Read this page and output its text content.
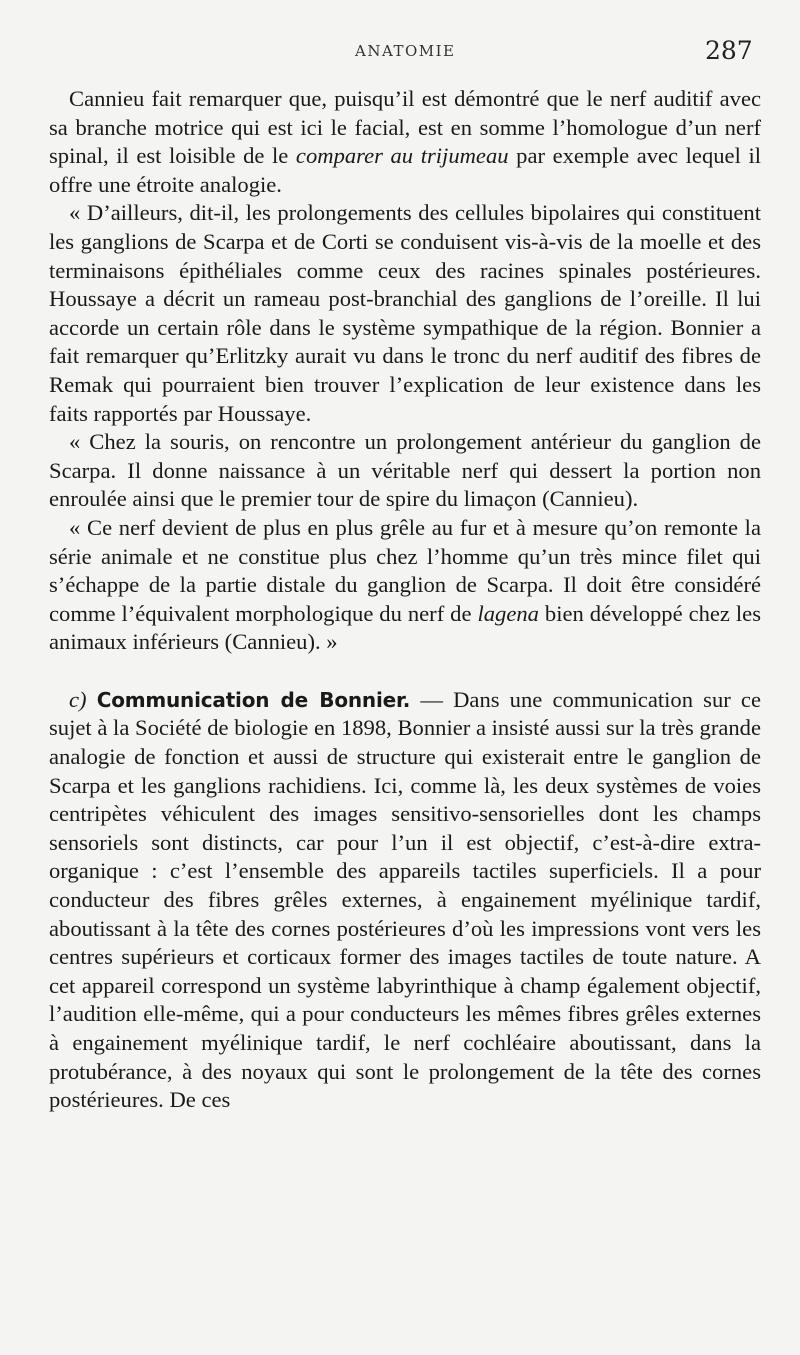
ANATOMIE	287

Cannieu fait remarquer que, puisqu’il est démontré que le nerf auditif avec sa branche motrice qui est ici le facial, est en somme l’homologue d’un nerf spinal, il est loisible de le comparer au trijumeau par exemple avec lequel il offre une étroite analogie.

« D’ailleurs, dit-il, les prolongements des cellules bipolaires qui constituent les ganglions de Scarpa et de Corti se conduisent vis-à-vis de la moelle et des terminaisons épithéliales comme ceux des racines spinales postérieures. Houssaye a décrit un rameau post-branchial des ganglions de l’oreille. Il lui accorde un certain rôle dans le système sympathique de la région. Bonnier a fait remarquer qu’Erlitzky aurait vu dans le tronc du nerf auditif des fibres de Remak qui pourraient bien trouver l’explication de leur existence dans les faits rapportés par Houssaye.

« Chez la souris, on rencontre un prolongement antérieur du ganglion de Scarpa. Il donne naissance à un véritable nerf qui dessert la portion non enroulée ainsi que le premier tour de spire du limaçon (Cannieu).

« Ce nerf devient de plus en plus grêle au fur et à mesure qu’on remonte la série animale et ne constitue plus chez l’homme qu’un très mince filet qui s’échappe de la partie distale du ganglion de Scarpa. Il doit être considéré comme l’équivalent morphologique du nerf de lagena bien développé chez les animaux inférieurs (Cannieu). »

c) Communication de Bonnier. — Dans une communication sur ce sujet à la Société de biologie en 1898, Bonnier a insisté aussi sur la très grande analogie de fonction et aussi de structure qui existerait entre le ganglion de Scarpa et les ganglions rachidiens. Ici, comme là, les deux systèmes de voies centripètes véhiculent des images sensitivo-sensorielles dont les champs sensoriels sont distincts, car pour l’un il est objectif, c’est-à-dire extra-organique : c’est l’ensemble des appareils tactiles superficiels. Il a pour conducteur des fibres grêles externes, à engainement myélinique tardif, aboutissant à la tête des cornes postérieures d’où les impressions vont vers les centres supérieurs et corticaux former des images tactiles de toute nature. A cet appareil correspond un système labyrinthique à champ également objectif, l’audition elle-même, qui a pour conducteurs les mêmes fibres grêles externes à engainement myélinique tardif, le nerf cochléaire aboutissant, dans la protubérance, à des noyaux qui sont le prolongement de la tête des cornes postérieures. De ces
